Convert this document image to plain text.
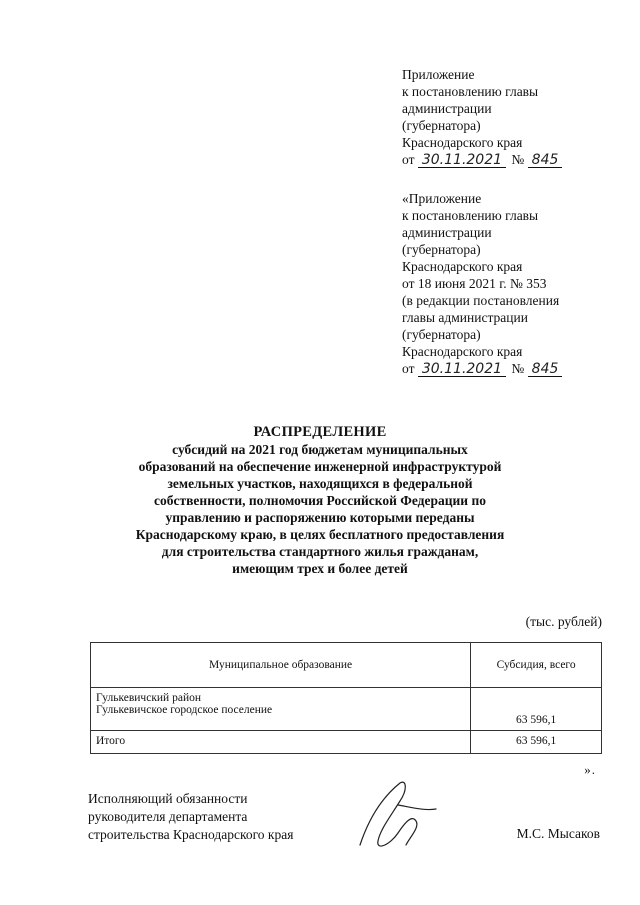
Приложение
к постановлению главы
администрации
(губернатора)
Краснодарского края
от 30.11.2021 № 845
«Приложение
к постановлению главы
администрации
(губернатора)
Краснодарского края
от 18 июня 2021 г. № 353
(в редакции постановления
главы администрации
(губернатора)
Краснодарского края
от 30.11.2021 № 845
РАСПРЕДЕЛЕНИЕ
субсидий на 2021 год бюджетам муниципальных
образований на обеспечение инженерной инфраструктурой
земельных участков, находящихся в федеральной
собственности, полномочия Российской Федерации по
управлению и распоряжению которыми переданы
Краснодарскому краю, в целях бесплатного предоставления
для строительства стандартного жилья гражданам,
имеющим трех и более детей
(тыс. рублей)
Муниципальное образование	Субсидия, всего

Гулькевичский район
Гулькевичское городское поселение	63 596,1
Итого	63 596,1
».
Исполняющий обязанности
руководителя департамента
строительства Краснодарского края	М.С. Мысаков
